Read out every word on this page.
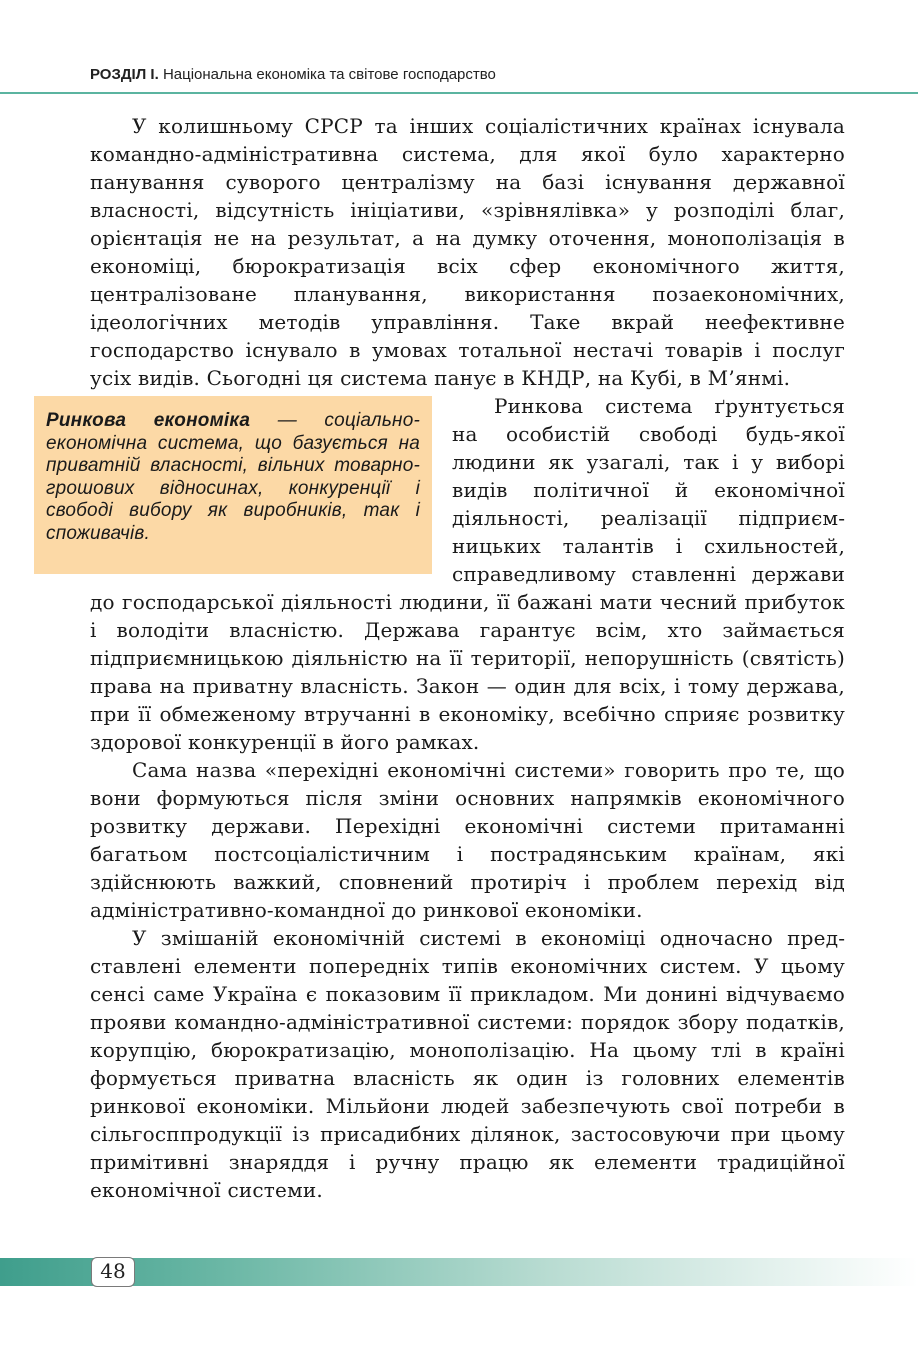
РОЗДІЛ І. Національна економіка та світове господарство

У колишньому СРСР та інших соціалістичних країнах існувала командно-адміністративна система, для якої було характерно панування суворого централізму на базі існування державної власності, відсутність ініціативи, «зрівнялівка» у розподілі благ, орієнтація не на результат, а на думку оточення, монополізація в економіці, бюрократизація всіх сфер економічного життя, централізоване планування, використання позаекономічних, ідеологічних методів управління. Таке вкрай неефективне господарство існувало в умовах тотальної нестачі товарів і послуг усіх видів. Сьогодні ця система панує в КНДР, на Кубі, в М’янмі.

Ринкова економіка — соціально-економічна система, що базується на приватній власності, вільних товарно-грошових відносинах, конкуренції і свободі вибору як виробників, так і споживачів.
Ринкова система ґрунтується на особистій свободі будь-якої людини як узагалі, так і у виборі видів політичної й економічної діяльності, реалізації підприємницьких талантів і схильностей, справедливому ставленні держави до господарської діяльності людини, її бажані мати чесний прибуток і володіти власністю. Держава гарантує всім, хто займається підприємницькою діяльністю на її території, непорушність (святість) права на приватну власність. Закон — один для всіх, і тому держава, при її обмеженому втручанні в економіку, всебічно сприяє розвитку здорової конкуренції в його рамках.

Сама назва «перехідні економічні системи» говорить про те, що вони формуються після зміни основних напрямків економічного розвитку держави. Перехідні економічні системи притаманні багатьом постсоціалістичним і пострадянським країнам, які здійснюють важкий, сповнений протиріч і проблем перехід від адміністративно-командної до ринкової економіки.

У змішаній економічній системі в економіці одночасно представлені елементи попередніх типів економічних систем. У цьому сенсі саме Україна є показовим її прикладом. Ми донині відчуваємо прояви командно-адміністративної системи: порядок збору податків, корупцію, бюрократизацію, монополізацію. На цьому тлі в країні формується приватна власність як один із головних елементів ринкової економіки. Мільйони людей забезпечують свої потреби в сільгосппродукції із присадибних ділянок, застосовуючи при цьому примітивні знаряддя і ручну працю як елементи традиційної економічної системи.

48
